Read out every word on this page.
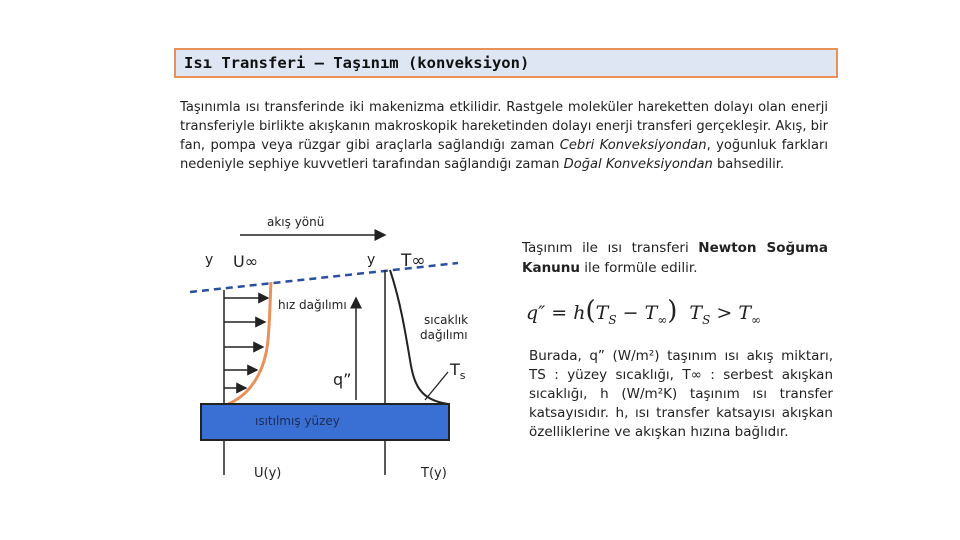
Isı Transferi – Taşınım (konveksiyon)
Taşınımla ısı transferinde iki makenizma etkilidir. Rastgele moleküler hareketten dolayı olan enerji transferiyle birlikte akışkanın makroskopik hareketinden dolayı enerji transferi gerçekleşir. Akış, bir fan, pompa veya rüzgar gibi araçlarla sağlandığı zaman Cebri Konveksiyondan, yoğunluk farkları nedeniyle sephiye kuvvetleri tarafından sağlandığı zaman Doğal Konveksiyondan bahsedilir.
akış yönü
y U∞	y T∞
hız dağılımı
sıcaklık
dağılımı
q”
$T_s$
ısıtılmış yüzey
U(y)	T(y)
Taşınım ile ısı transferi Newton Soğuma Kanunu ile formüle edilir.
$q'' = h(T_S - T_\infty) T_S > T_\infty$
Burada, q” (W/m²) taşınım ısı akış miktarı, TS : yüzey sıcaklığı, T∞ : serbest akışkan sıcaklığı, h (W/m²K) taşınım ısı transfer katsayısıdır. h, ısı transfer katsayısı akışkan özelliklerine ve akışkan hızına bağlıdır.
